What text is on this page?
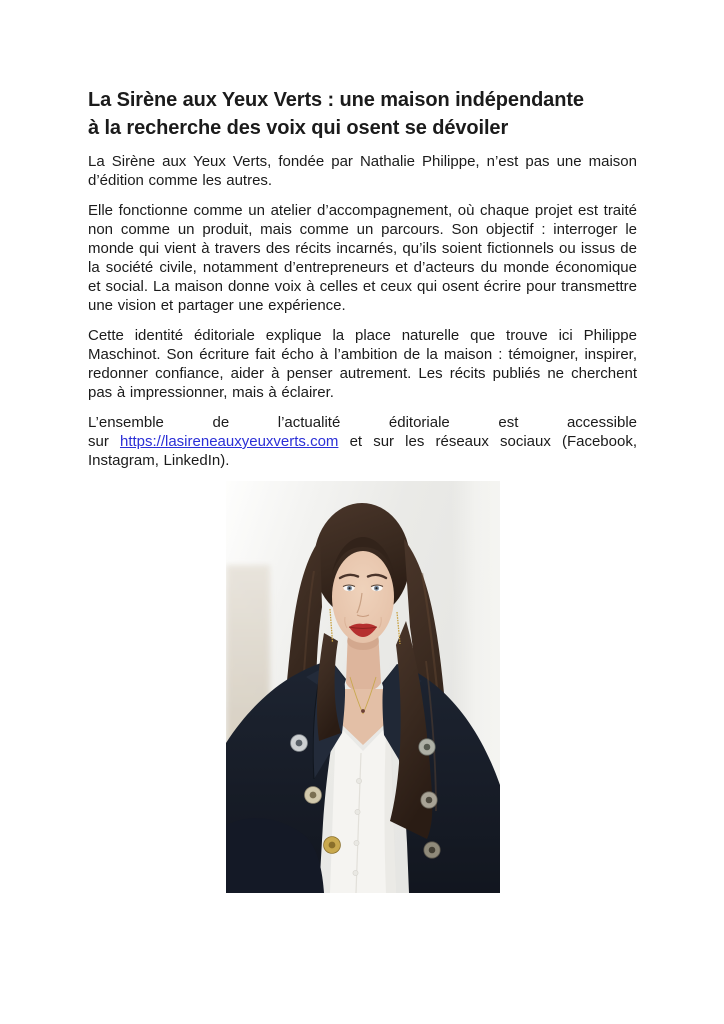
La Sirène aux Yeux Verts : une maison indépendante
à la recherche des voix qui osent se dévoiler

La Sirène aux Yeux Verts, fondée par Nathalie Philippe, n’est pas une maison d’édition comme les autres.

Elle fonctionne comme un atelier d’accompagnement, où chaque projet est traité non comme un produit, mais comme un parcours. Son objectif : interroger le monde qui vient à travers des récits incarnés, qu’ils soient fictionnels ou issus de la société civile, notamment d’entrepreneurs et d’acteurs du monde économique et social. La maison donne voix à celles et ceux qui osent écrire pour transmettre une vision et partager une expérience.

Cette identité éditoriale explique la place naturelle que trouve ici Philippe Maschinot. Son écriture fait écho à l’ambition de la maison : témoigner, inspirer, redonner confiance, aider à penser autrement. Les récits publiés ne cherchent pas à impressionner, mais à éclairer.

L’ensemble de l’actualité éditoriale est accessible sur https://lasireneauxyeuxverts.com et sur les réseaux sociaux (Facebook, Instagram, LinkedIn).
